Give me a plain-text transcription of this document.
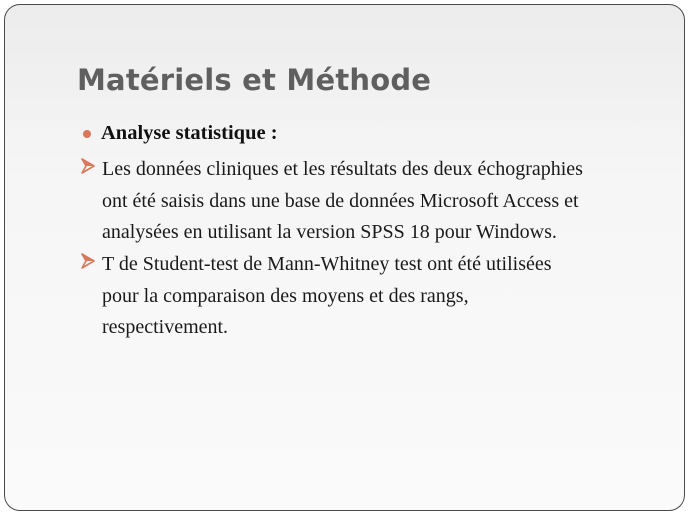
Matériels et Méthode
Analyse statistique :
Les données cliniques et les résultats des deux échographies
ont été saisis dans une base de données Microsoft Access et
analysées en utilisant la version SPSS 18 pour Windows.
T de Student-test de Mann-Whitney test ont été utilisées
pour la comparaison des moyens et des rangs,
respectivement.
